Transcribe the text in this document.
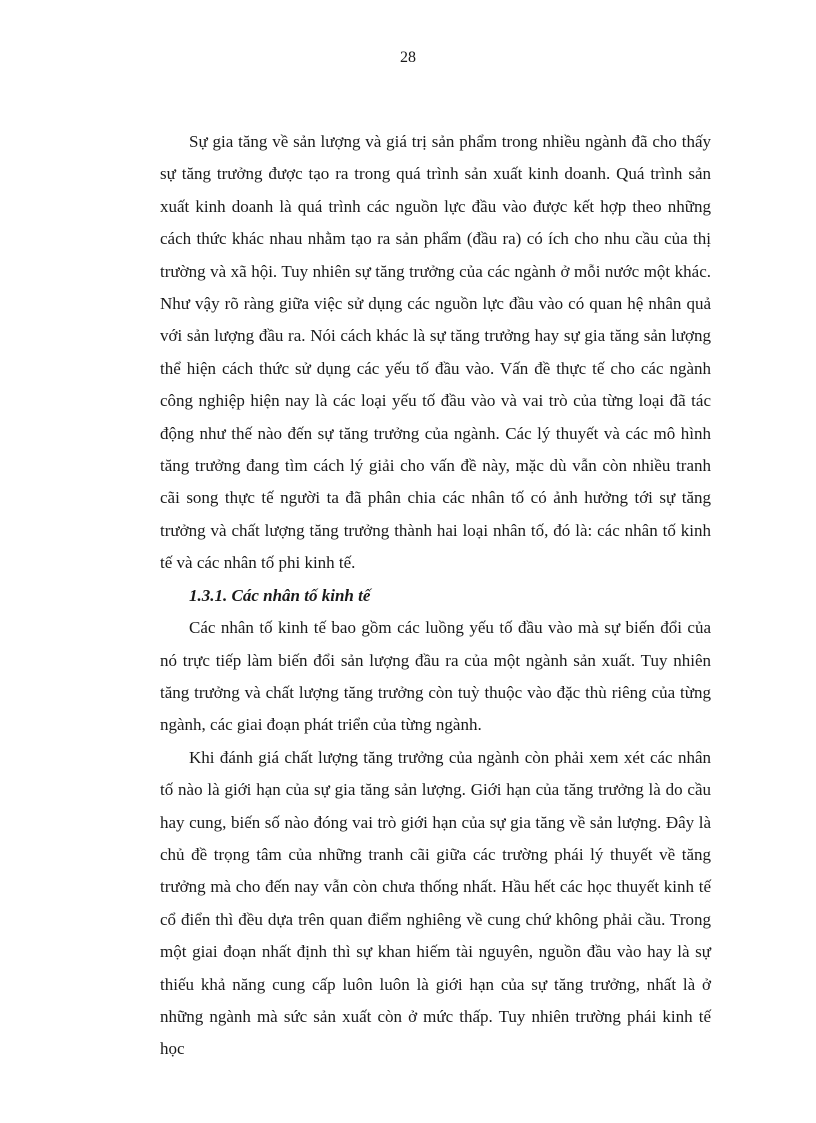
28

Sự gia tăng về sản lượng và giá trị sản phẩm trong nhiều ngành đã cho thấy sự tăng trưởng được tạo ra trong quá trình sản xuất kinh doanh. Quá trình sản xuất kinh doanh là quá trình các nguồn lực đầu vào được kết hợp theo những cách thức khác nhau nhằm tạo ra sản phẩm (đầu ra) có ích cho nhu cầu của thị trường và xã hội. Tuy nhiên sự tăng trưởng của các ngành ở mỗi nước một khác. Như vậy rõ ràng giữa việc sử dụng các nguồn lực đầu vào có quan hệ nhân quả với sản lượng đầu ra. Nói cách khác là sự tăng trưởng hay sự gia tăng sản lượng thể hiện cách thức sử dụng các yếu tố đầu vào. Vấn đề thực tế cho các ngành công nghiệp hiện nay là các loại yếu tố đầu vào và vai trò của từng loại đã tác động như thế nào đến sự tăng trưởng của ngành. Các lý thuyết và các mô hình tăng trưởng đang tìm cách lý giải cho vấn đề này, mặc dù vẫn còn nhiều tranh cãi song thực tế người ta đã phân chia các nhân tố có ảnh hưởng tới sự tăng trưởng và chất lượng tăng trưởng thành hai loại nhân tố, đó là: các nhân tố kinh tế và các nhân tố phi kinh tế.

1.3.1. Các nhân tố kinh tế

Các nhân tố kinh tế bao gồm các luồng yếu tố đầu vào mà sự biến đổi của nó trực tiếp làm biến đổi sản lượng đầu ra của một ngành sản xuất. Tuy nhiên tăng trưởng và chất lượng tăng trưởng còn tuỳ thuộc vào đặc thù riêng của từng ngành, các giai đoạn phát triển của từng ngành.

Khi đánh giá chất lượng tăng trưởng của ngành còn phải xem xét các nhân tố nào là giới hạn của sự gia tăng sản lượng. Giới hạn của tăng trưởng là do cầu hay cung, biến số nào đóng vai trò giới hạn của sự gia tăng về sản lượng. Đây là chủ đề trọng tâm của những tranh cãi giữa các trường phái lý thuyết về tăng trưởng mà cho đến nay vẫn còn chưa thống nhất. Hầu hết các học thuyết kinh tế cổ điển thì đều dựa trên quan điểm nghiêng về cung chứ không phải cầu. Trong một giai đoạn nhất định thì sự khan hiếm tài nguyên, nguồn đầu vào hay là sự thiếu khả năng cung cấp luôn luôn là giới hạn của sự tăng trưởng, nhất là ở những ngành mà sức sản xuất còn ở mức thấp. Tuy nhiên trường phái kinh tế học
